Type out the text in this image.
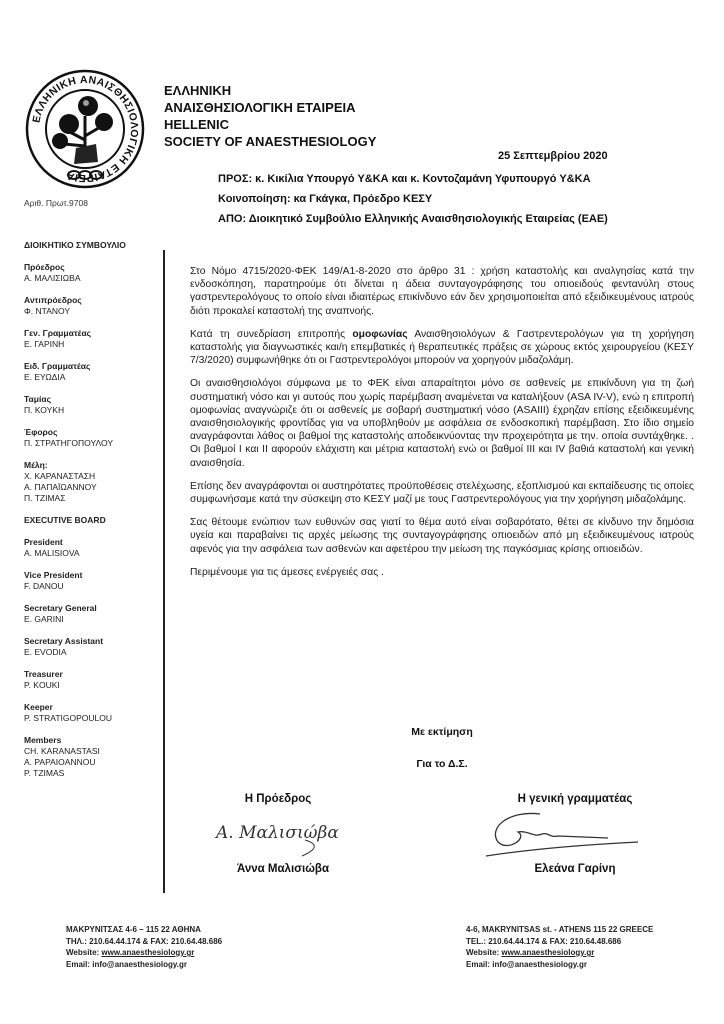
ΕΛΛΗΝΙΚΗ ΑΝΑΙΣΘΗΣΙΟΛΟΓΙΚΗ ΕΤΑΙΡΕΙΑ
ΕΛΛΗΝΙΚΗ
ΑΝΑΙΣΘΗΣΙΟΛΟΓΙΚΗ ΕΤΑΙΡΕΙΑ
HELLENIC
SOCIETY OF ANAESTHESIOLOGY
Αριθ. Πρωτ.9708
25 Σεπτεμβρίου 2020
ΠΡΟΣ: κ. Κικίλια Υπουργό Υ&ΚΑ και κ. Κοντοζαμάνη Υφυπουργό Υ&ΚΑ
Κοινοποίηση: κα Γκάγκα, Πρόεδρο ΚΕΣΥ
ΑΠΟ: Διοικητικό Συμβούλιο Ελληνικής Αναισθησιολογικής Εταιρείας (ΕΑΕ)
ΔΙΟΙΚΗΤΙΚΟ ΣΥΜΒΟΥΛΙΟ
Πρόεδρος
Α. ΜΑΛΙΣΙΩΒΑ
Αντιπρόεδρος
Φ. ΝΤΑΝΟΥ
Γεν. Γραμματέας
Ε. ΓΑΡΙΝΗ
Ειδ. Γραμματέας
Ε. ΕΥΩΔΙΑ
Ταμίας
Π. ΚΟΥΚΗ
Έφορος
Π. ΣΤΡΑΤΗΓΟΠΟΥΛΟΥ
Μέλη:
Χ. ΚΑΡΑΝΑΣΤΑΣΗ
Α. ΠΑΠΑΪΩΑΝΝΟΥ
Π. ΤΖΙΜΑΣ
EXECUTIVE BOARD
President
A. MALISIOVA
Vice President
F. DANOU
Secretary General
E. GARINI
Secretary Assistant
E. EVODIA
Treasurer
P. KOUKI
Keeper
P. STRATIGOPOULOU
Members
CH. KARANASTASI
A. PAPAIOANNOU
P. TZIMAS

Στο Νόμο 4715/2020-ΦΕΚ 149/Α1-8-2020 στο άρθρο 31 : χρήση καταστολής και αναλγησίας κατά την ενδοσκόπηση, παρατηρούμε ότι δίνεται η άδεια συνταγογράφησης του οπιοειδούς φεντανύλη στους γαστρεντερολόγους το οποίο είναι ιδιαιτέρως επικίνδυνο εάν δεν χρησιμοποιείται από εξειδικευμένους ιατρούς διότι προκαλεί καταστολή της αναπνοής.

Κατά τη συνεδρίαση επιτροπής ομοφωνίας Αναισθησιολόγων & Γαστρεντερολόγων για τη χορήγηση καταστολής για διαγνωστικές και/η επεμβατικές ή θεραπευτικές πράξεις σε χώρους εκτός χειρουργείου (ΚΕΣΥ 7/3/2020) συμφωνήθηκε ότι οι Γαστρεντερολόγοι μπορούν να χορηγούν μιδαζολάμη.

Οι αναισθησιολόγοι σύμφωνα με το ΦΕΚ είναι απαραίτητοι μόνο σε ασθενείς με επικίνδυνη για τη ζωή συστηματική νόσο και γι αυτούς που χωρίς παρέμβαση αναμένεται να καταλήξουν (ASA IV-V), ενώ η επιτροπή ομοφωνίας αναγνώριζε ότι οι ασθενείς με σοβαρή συστηματική νόσο (ASAIII) έχρηζαν επίσης εξειδικευμένης αναισθησιολογικής φροντίδας για να υποβληθούν με ασφάλεια σε ενδοσκοπική παρέμβαση. Στο ίδιο σημείο αναγράφονται λάθος οι βαθμοί της καταστολής αποδεικνύοντας την προχειρότητα με την. οποία συντάχθηκε. . Οι βαθμοί I και II αφορούν ελάχιστη και μέτρια καταστολή ενώ οι βαθμοί III και IV βαθιά καταστολή και γενική αναισθησία.

Επίσης δεν αναγράφονται οι αυστηρότατες προϋποθέσεις στελέχωσης, εξοπλισμού και εκπαίδευσης τις οποίες συμφωνήσαμε κατά την σύσκεψη στο ΚΕΣΥ μαζί με τους Γαστρεντερολόγους για την χορήγηση μιδαζολάμης.

Σας θέτουμε ενώπιον των ευθυνών σας γιατί το θέμα αυτό είναι σοβαρότατο, θέτει σε κίνδυνο την δημόσια υγεία και παραβαίνει τις αρχές μείωσης της συνταγογράφησης οπιοειδών από μη εξειδικευμένους ιατρούς αφενός για την ασφάλεια των ασθενών και αφετέρου την μείωση της παγκόσμιας κρίσης οπιοειδών.

Περιμένουμε για τις άμεσες ενέργειές σας .

Με εκτίμηση
Για το Δ.Σ.
Η Πρόεδρος
Α. Μαλισιώβα
Άννα Μαλισιώβα
Η γενική γραμματέας
Ελεάνα Γαρίνη
ΜΑΚΡΥΝΙΤΣΑΣ 4-6 – 115 22 ΑΘΗΝΑ
ΤΗΛ.: 210.64.44.174 & FAX: 210.64.48.686
Website: www.anaesthesiology.gr
Email: info@anaesthesiology.gr
4-6, MAKRYNITSAS st. - ATHENS 115 22 GREECE
TEL.: 210.64.44.174 & FAX: 210.64.48.686
Website: www.anaesthesiology.gr
Email: info@anaesthesiology.gr
